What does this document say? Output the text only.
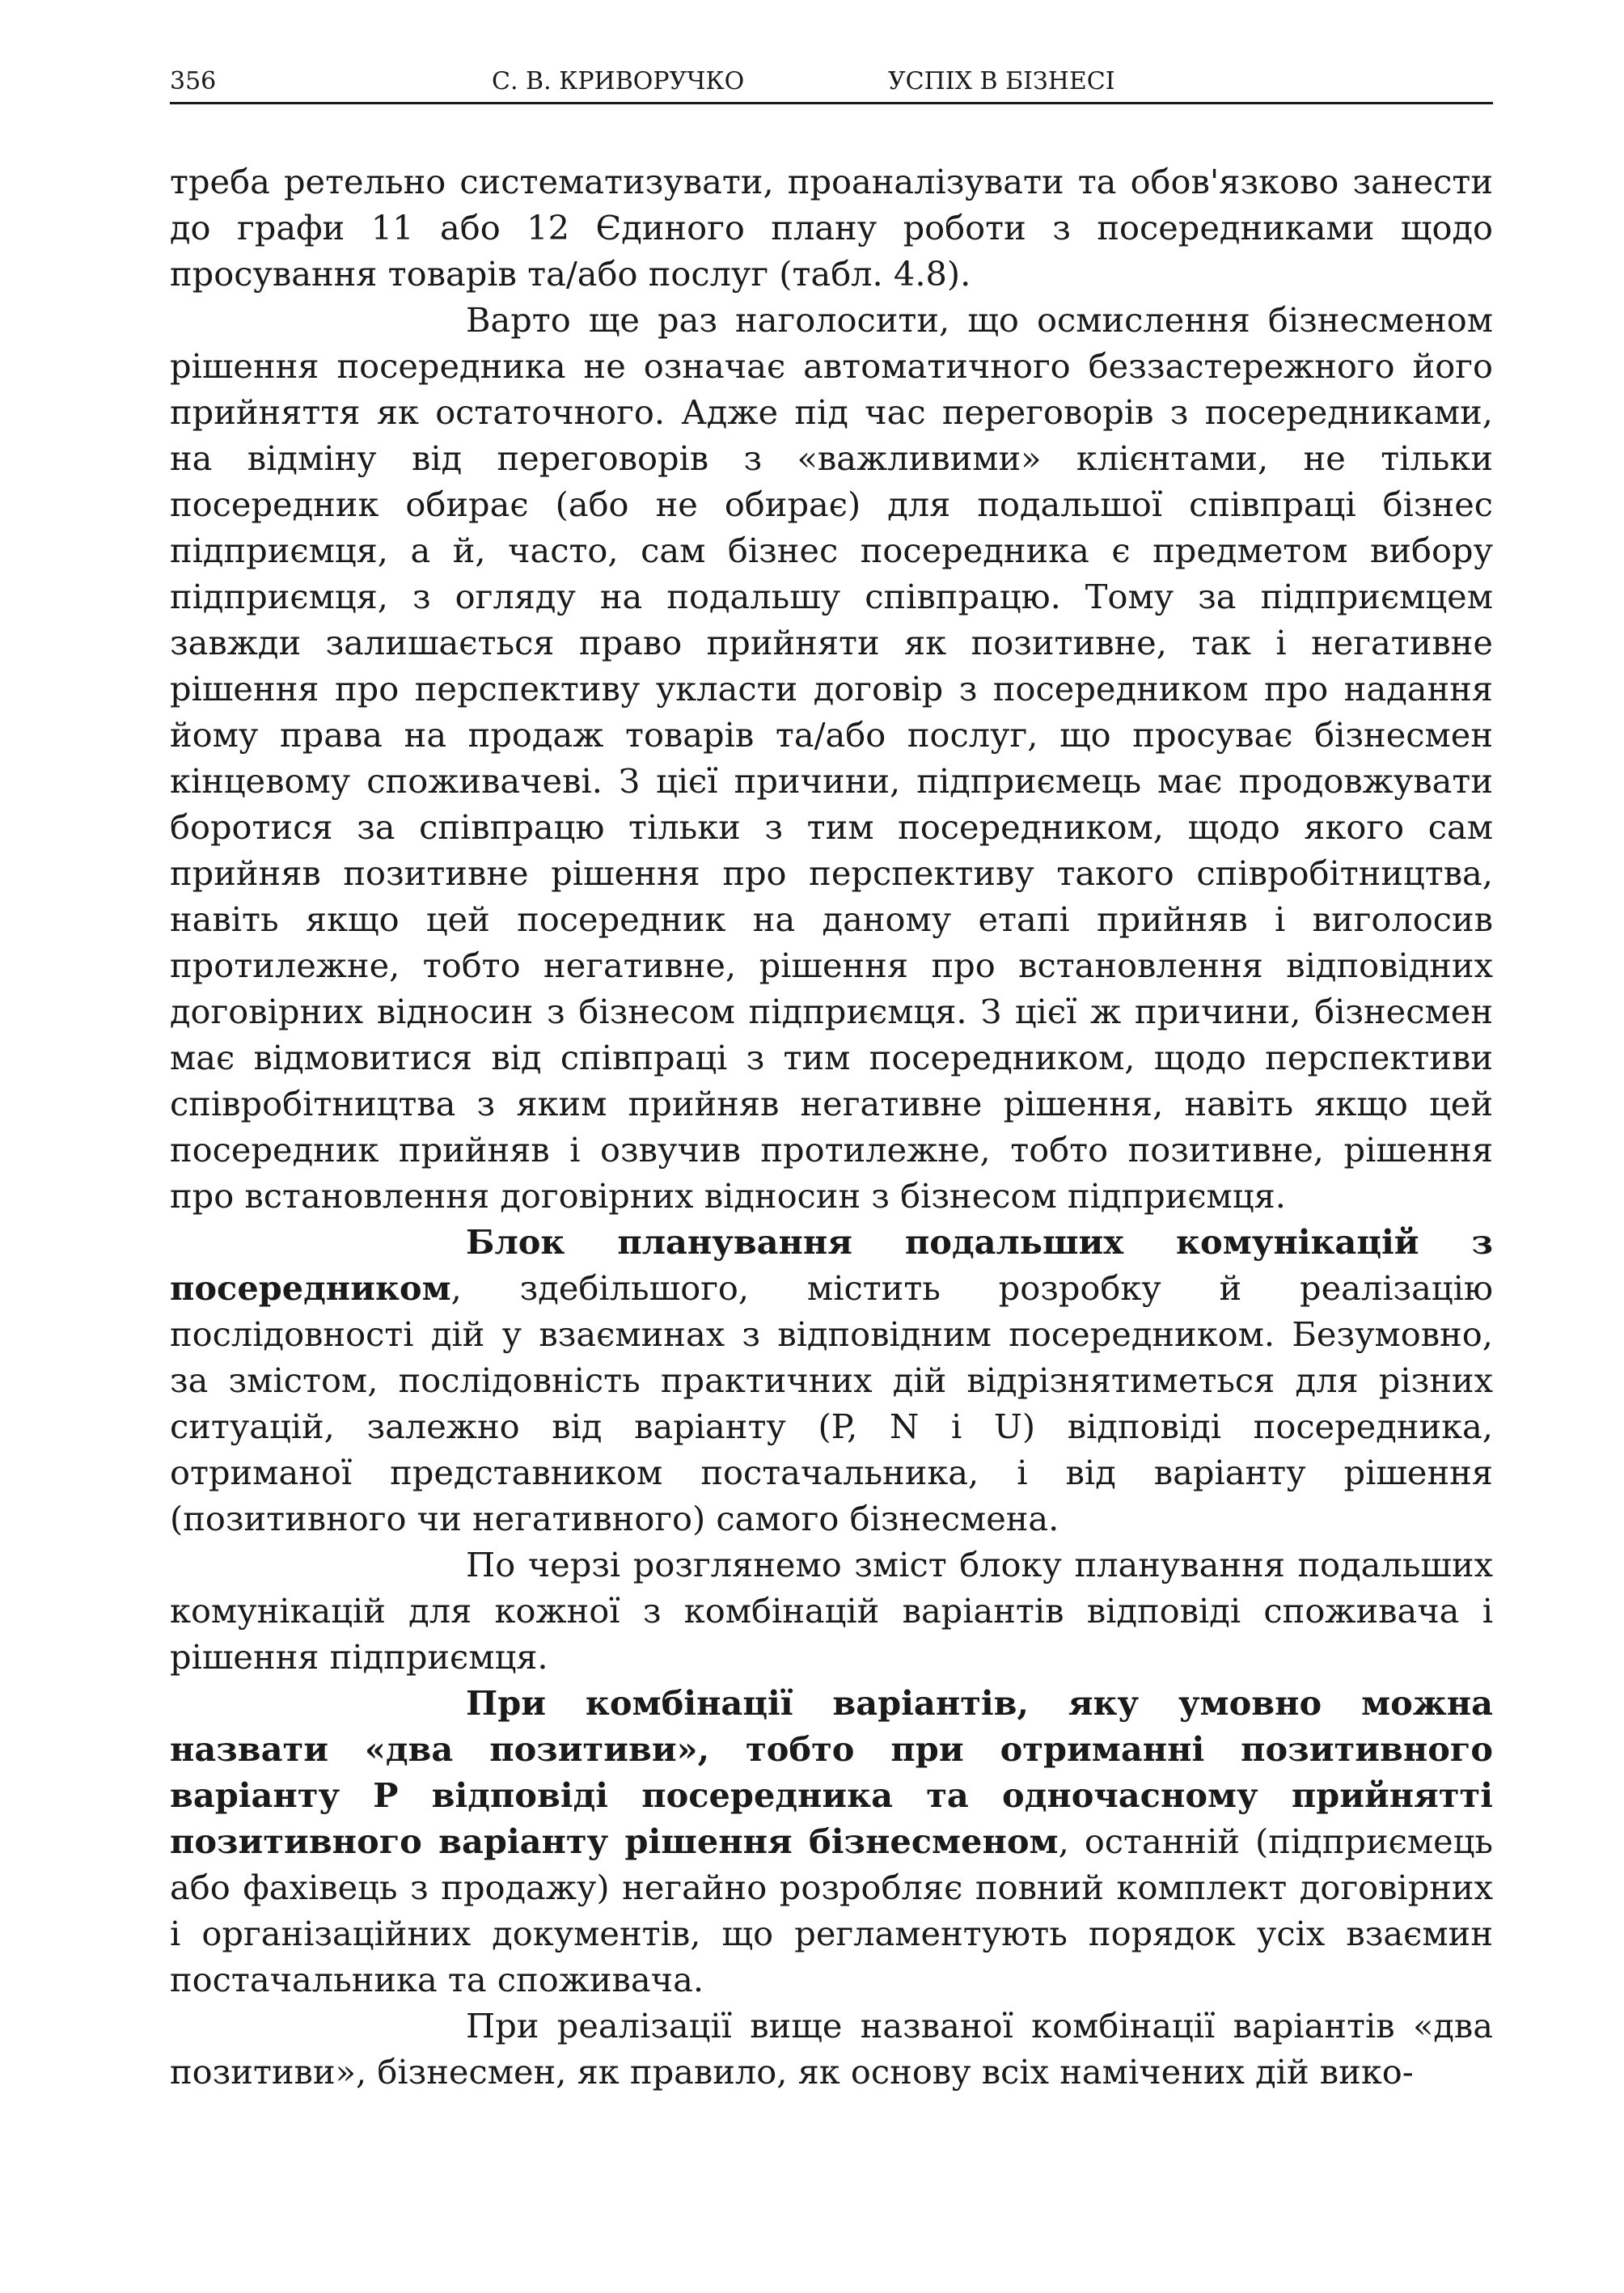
356	С. В. КРИВОРУЧКО	УСПІХ В БІЗНЕСІ

треба ретельно систематизувати, проаналізувати та обов'язково занести до графи 11 або 12 Єдиного плану роботи з посередниками щодо просування товарів та/або послуг (табл. 4.8).

Варто ще раз наголосити, що осмислення бізнесменом рішення посередника не означає автоматичного беззастережного його прийняття як остаточного. Адже під час переговорів з посередниками, на відміну від переговорів з «важливими» клієнтами, не тільки посередник обирає (або не обирає) для подальшої співпраці бізнес підприємця, а й, часто, сам бізнес посередника є предметом вибору підприємця, з огляду на подальшу співпрацю. Тому за підприємцем завжди залишається право прийняти як позитивне, так і негативне рішення про перспективу укласти договір з посередником про надання йому права на продаж товарів та/або послуг, що просуває бізнесмен кінцевому споживачеві. З цієї причини, підприємець має продовжувати боротися за співпрацю тільки з тим посередником, щодо якого сам прийняв позитивне рішення про перспективу такого співробітництва, навіть якщо цей посередник на даному етапі прийняв і виголосив протилежне, тобто негативне, рішення про встановлення відповідних договірних відносин з бізнесом підприємця. З цієї ж причини, бізнесмен має відмовитися від співпраці з тим посередником, щодо перспективи співробітництва з яким прийняв негативне рішення, навіть якщо цей посередник прийняв і озвучив протилежне, тобто позитивне, рішення про встановлення договірних відносин з бізнесом підприємця.

Блок планування подальших комунікацій з посередником, здебільшого, містить розробку й реалізацію послідовності дій у взаєминах з відповідним посередником. Безумовно, за змістом, послідовність практичних дій відрізнятиметься для різних ситуацій, залежно від варіанту (P, N і U) відповіді посередника, отриманої представником постачальника, і від варіанту рішення (позитивного чи негативного) самого бізнесмена.

По черзі розглянемо зміст блоку планування подальших комунікацій для кожної з комбінацій варіантів відповіді споживача і рішення підприємця.

При комбінації варіантів, яку умовно можна назвати «два позитиви», тобто при отриманні позитивного варіанту P відповіді посередника та одночасному прийнятті позитивного варіанту рішення бізнесменом, останній (підприємець або фахівець з продажу) негайно розробляє повний комплект договірних і організаційних документів, що регламентують порядок усіх взаємин постачальника та споживача.

При реалізації вище названої комбінації варіантів «два позитиви», бізнесмен, як правило, як основу всіх намічених дій вико-
